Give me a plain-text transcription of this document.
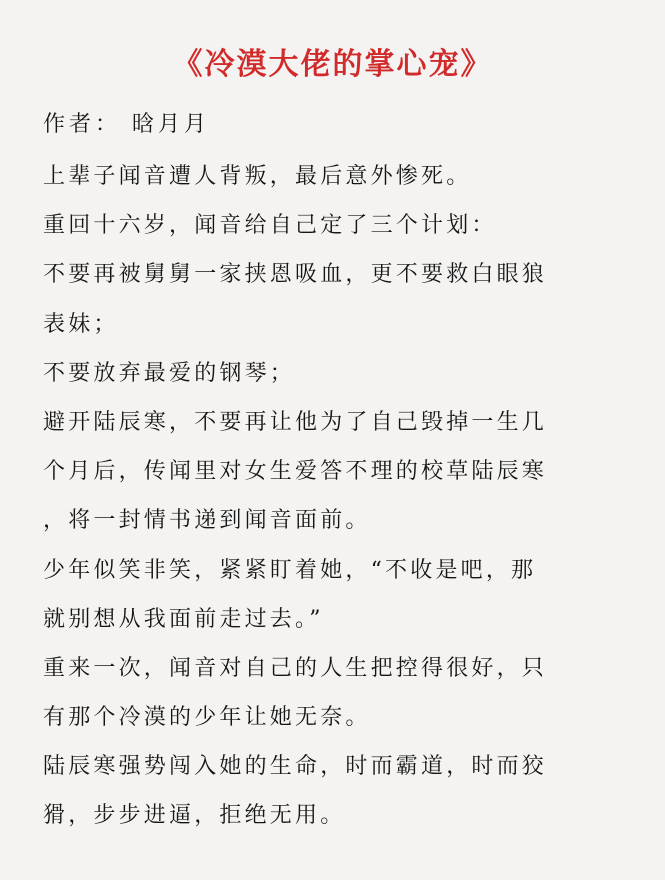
《冷漠大佬的掌心宠》

作者： 晗月月

上辈子闻音遭人背叛，最后意外惨死。

重回十六岁，闻音给自己定了三个计划：

不要再被舅舅一家挟恩吸血，更不要救白眼狼

表妹；

不要放弃最爱的钢琴；

避开陆辰寒，不要再让他为了自己毁掉一生几

个月后，传闻里对女生爱答不理的校草陆辰寒

，将一封情书递到闻音面前。

少年似笑非笑，紧紧盯着她，“不收是吧，那

就别想从我面前走过去。”

重来一次，闻音对自己的人生把控得很好，只

有那个冷漠的少年让她无奈。

陆辰寒强势闯入她的生命，时而霸道，时而狡

猾，步步进逼，拒绝无用。
